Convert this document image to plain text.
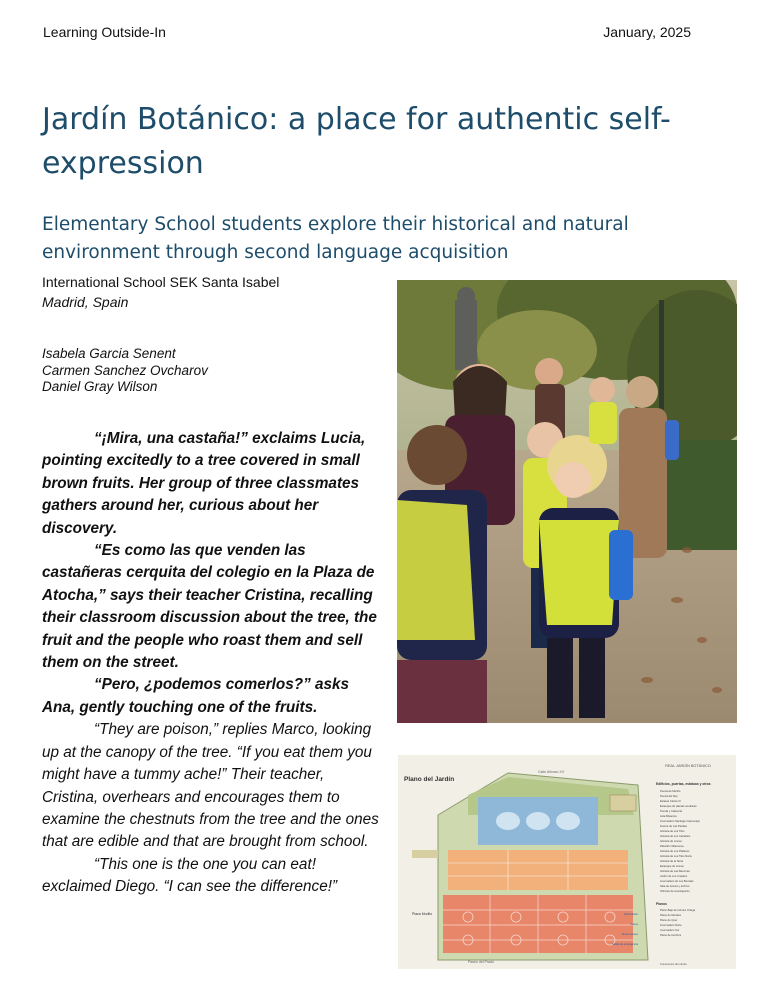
Learning Outside-In	January, 2025
Jardín Botánico: a place for authentic self-expression
Elementary School students explore their historical and natural environment through second language acquisition
International School SEK Santa Isabel
Madrid, Spain
Isabela Garcia Senent
Carmen Sanchez Ovcharov
Daniel Gray Wilson

“¡Mira, una castaña!” exclaims Lucia, pointing excitedly to a tree covered in small brown fruits. Her group of three classmates gathers around her, curious about her discovery.

“Es como las que venden las castañeras cerquita del colegio en la Plaza de Atocha,” says their teacher Cristina, recalling their classroom discussion about the tree, the fruit and the people who roast them and sell them on the street.

“Pero, ¿podemos comerlos?” asks Ana, gently touching one of the fruits.

“They are poison,” replies Marco, looking up at the canopy of the tree. “If you eat them you might have a tummy ache!” Their teacher, Cristina, overhears and encourages them to examine the chestnuts from the tree and the ones that are edible and that are brought from school.

“This one is the one you can eat! exclaimed Diego. “I can see the difference!”

Plano del Jardín
REAL JARDÍN BOTÁNICO
Calle Alfonso XII
Paseo del Prado
Plaza Murillo
Edificios, puertas, estatuas y otros
Puerta de Murillo
Puerta del Rey
Estatua Carlos III
Estanque de plantas acuáticas
Tienda y Cafetería
Aula Bótanica
Invernadero Santiago Castroviejo
Fuente de Las Plantas
Glorieta de Los Tilos
Glorieta de Los Castaños
Glorieta de Linneo
Pabellón Villanueva
Glorieta de Los Plátanos
Glorieta de Los Tilos Norte
Glorieta de la Noria
Estanque de Linneo
Glorieta de Las Becerras
Jardín de Los Cuadros
Invernadero de Los Bonsáis
Sala de lectura y archivo
Oficinas de investigación
Planos
Plano Bajo de Gómez Ortega
Plano de Morales
Plano de Quer
Invernadero Norte
Invernadero Sur
Plano de los Ríos
Información
Aseos
Punto acceso
Salida de emergencia
Conexiones de interés
